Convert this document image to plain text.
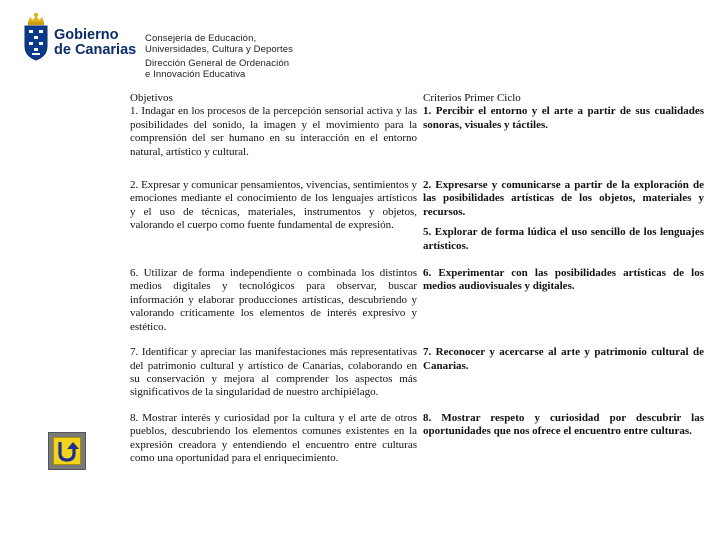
Gobierno
de Canarias
Consejería de Educación,
Universidades, Cultura y Deportes
Dirección General de Ordenación
e Innovación Educativa
Objetivos	Criterios Primer Ciclo
1. Indagar en los procesos de la percepción sensorial activa y las posibilidades del sonido, la imagen y el movimiento para la comprensión del ser humano en su interacción en el entorno natural, artístico y cultural.	1. Percibir el entorno y el arte a partir de sus cualidades sonoras, visuales y táctiles.

2. Expresar y comunicar pensamientos, vivencias, sentimientos y emociones mediante el conocimiento de los lenguajes artísticos y el uso de técnicas, materiales, instrumentos y objetos, valorando el cuerpo como fuente fundamental de expresión.	2. Expresarse y comunicarse a partir de la exploración de las posibilidades artísticas de los objetos, materiales y recursos.
5. Explorar de forma lúdica el uso sencillo de los lenguajes artísticos.

6. Utilizar de forma independiente o combinada los distintos medios digitales y tecnológicos para observar, buscar información y elaborar producciones artísticas, descubriendo y valorando críticamente los elementos de interés expresivo y estético.	6. Experimentar con las posibilidades artísticas de los medios audiovisuales y digitales.

7. Identificar y apreciar las manifestaciones más representativas del patrimonio cultural y artístico de Canarias, colaborando en su conservación y mejora al comprender los aspectos más significativos de la singularidad de nuestro archipiélago.	7. Reconocer y acercarse al arte y patrimonio cultural de Canarias.

8. Mostrar interés y curiosidad por la cultura y el arte de otros pueblos, descubriendo los elementos comunes existentes en la expresión creadora y entendiendo el encuentro entre culturas como una oportunidad para el enriquecimiento.	8. Mostrar respeto y curiosidad por descubrir las oportunidades que nos ofrece el encuentro entre culturas.
